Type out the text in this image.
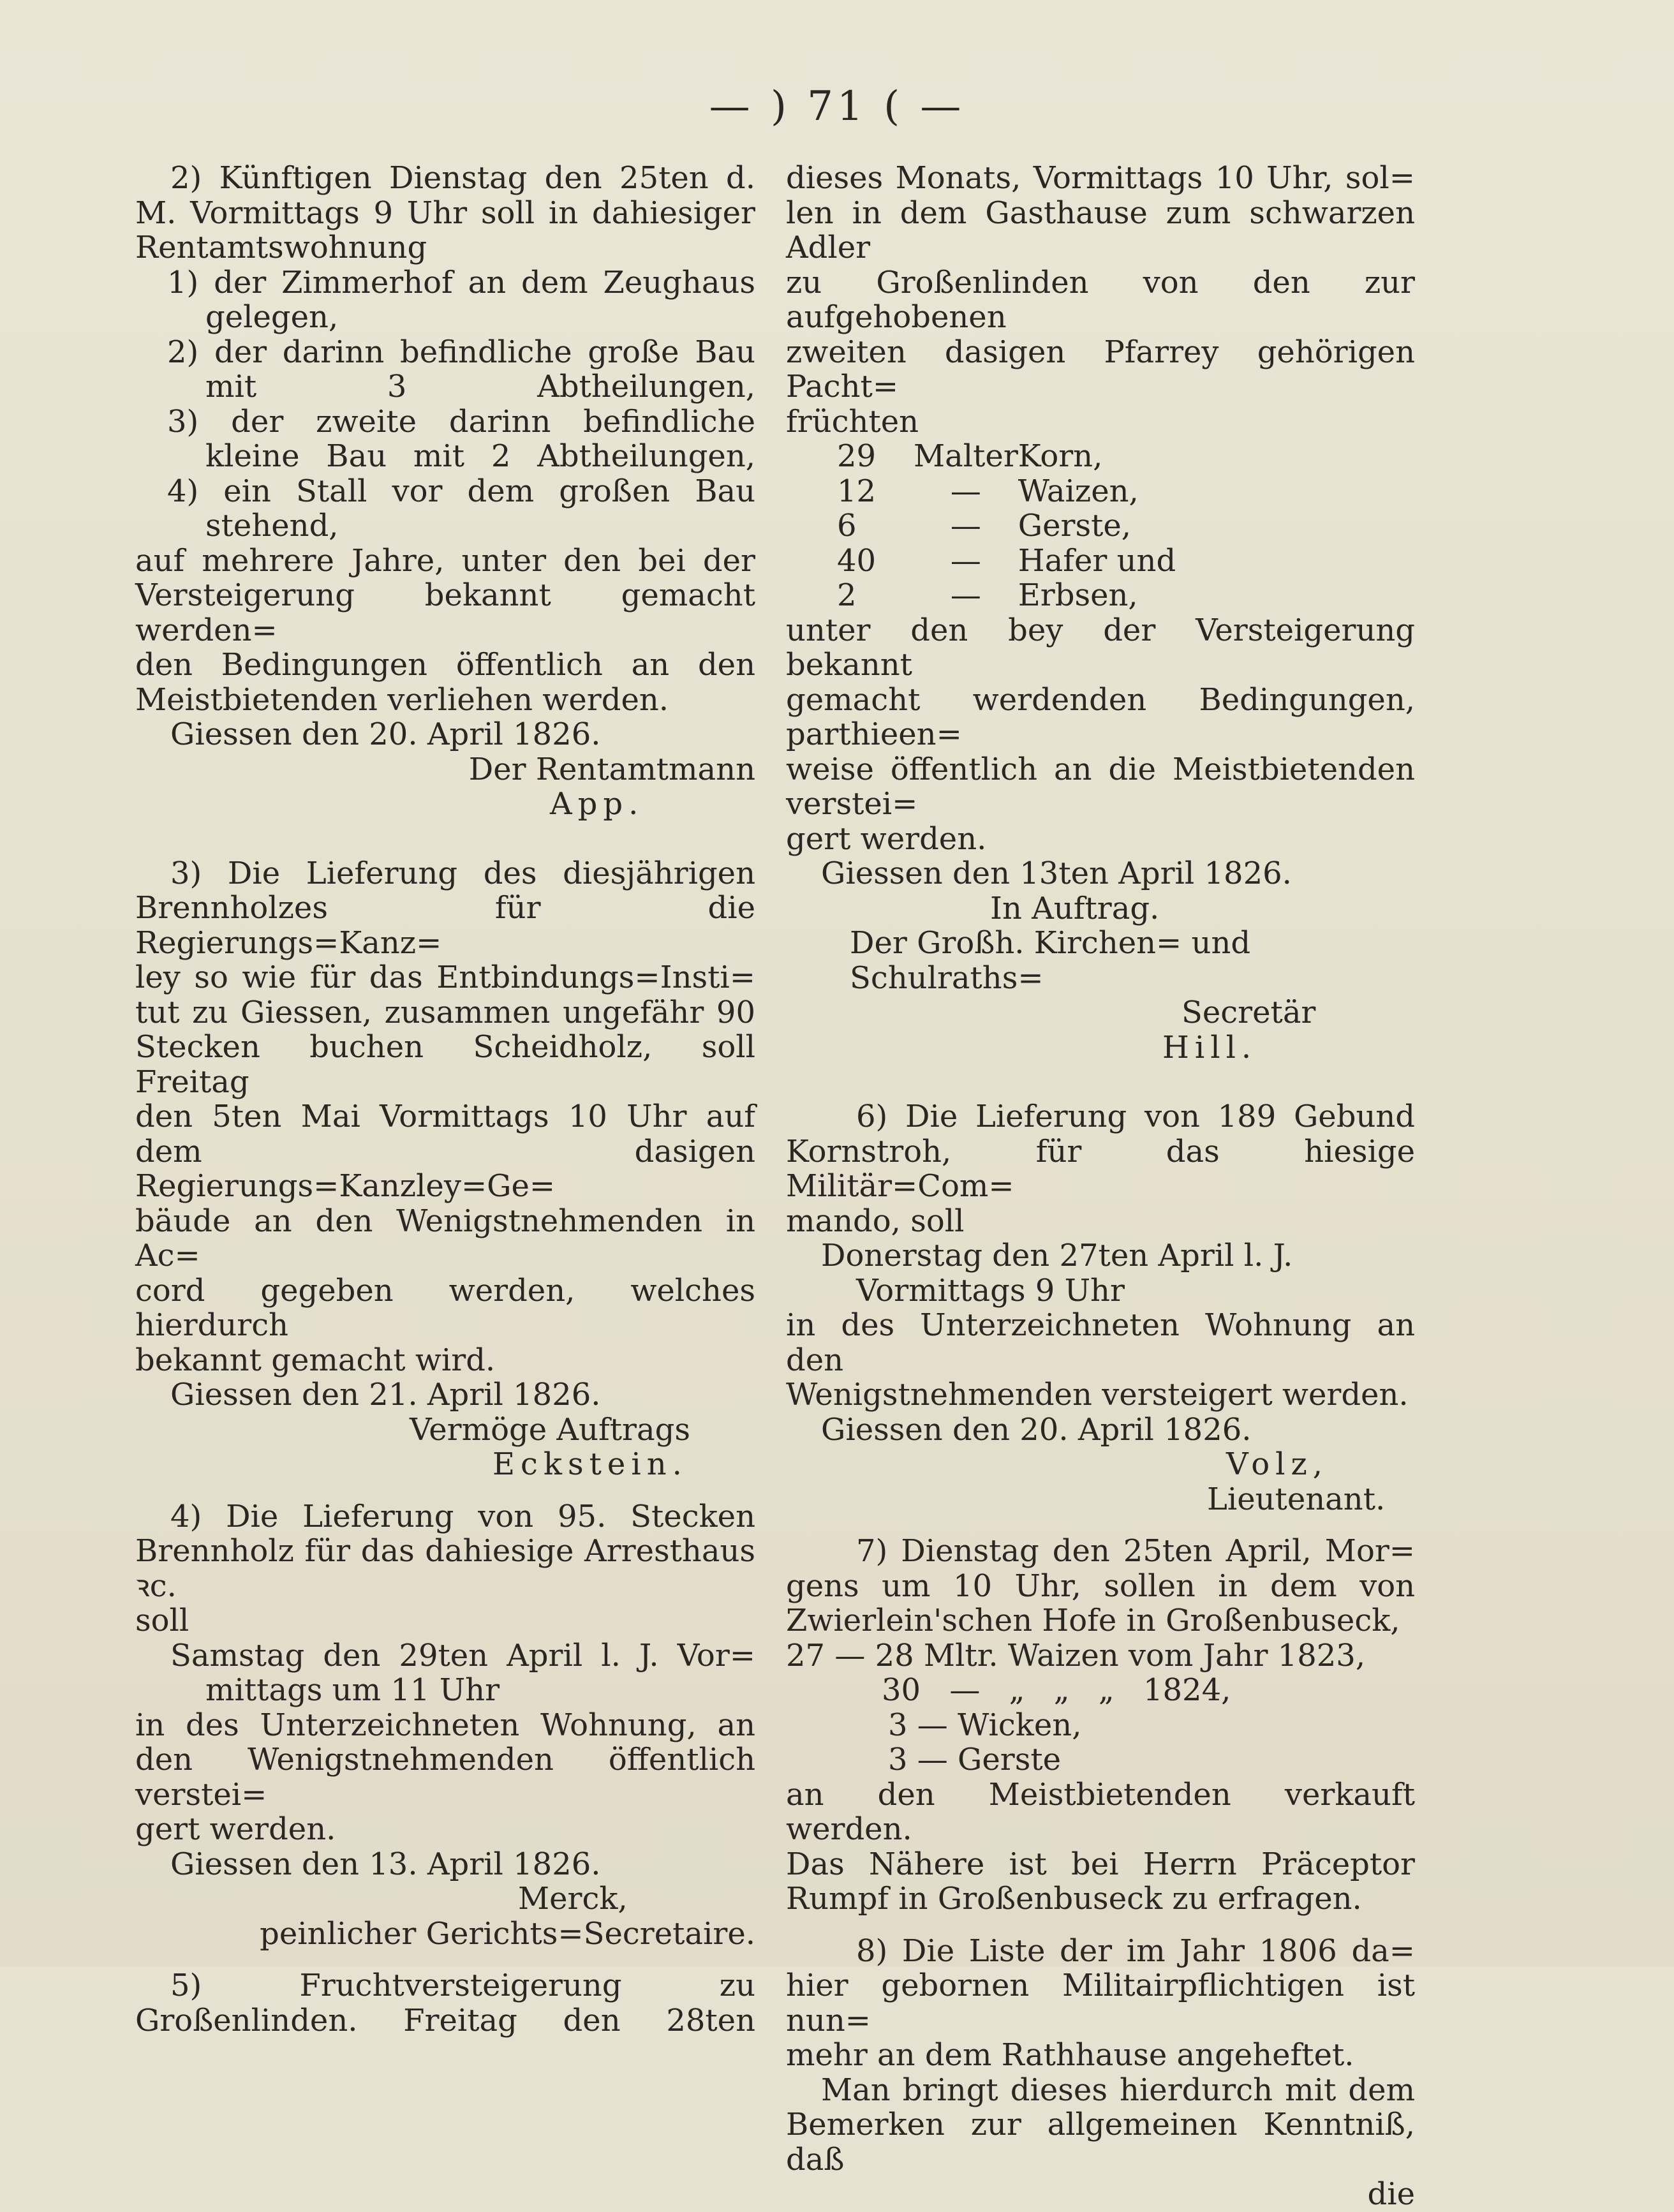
— ) 71 ( —
2) Künftigen Dienstag den 25ten d.
M. Vormittags 9 Uhr soll in dahiesiger
Rentamtswohnung
1) der Zimmerhof an dem Zeughaus gelegen,
2) der darinn befindliche große Bau mit 3 Abtheilungen,
3) der zweite darinn befindliche kleine Bau mit 2 Abtheilungen,
4) ein Stall vor dem großen Bau stehend,
auf mehrere Jahre, unter den bei der
Versteigerung bekannt gemacht werden=
den Bedingungen öffentlich an den
Meistbietenden verliehen werden.
Giessen den 20. April 1826.
Der Rentamtmann
App.
3) Die Lieferung des diesjährigen
Brennholzes für die Regierungs=Kanz=
ley so wie für das Entbindungs=Insti=
tut zu Giessen, zusammen ungefähr 90
Stecken buchen Scheidholz, soll Freitag
den 5ten Mai Vormittags 10 Uhr auf
dem dasigen Regierungs=Kanzley=Ge=
bäude an den Wenigstnehmenden in Ac=
cord gegeben werden, welches hierdurch
bekannt gemacht wird.
Giessen den 21. April 1826.
Vermöge Auftrags
Eckstein.
4) Die Lieferung von 95. Stecken
Brennholz für das dahiesige Arresthaus ꝛc.
soll
Samstag den 29ten April l. J. Vor=
mittags um 11 Uhr
in des Unterzeichneten Wohnung, an
den Wenigstnehmenden öffentlich verstei=
gert werden.
Giessen den 13. April 1826.
Merck,
peinlicher Gerichts=Secretaire.
5) Fruchtversteigerung zu
Großenlinden. Freitag den 28ten
dieses Monats, Vormittags 10 Uhr, sol=
len in dem Gasthause zum schwarzen Adler
zu Großenlinden von den zur aufgehobenen
zweiten dasigen Pfarrey gehörigen Pacht=
früchten
29	Malter	Korn,
12	—	Waizen,
6	—	Gerste,
40	—	Hafer und
2	—	Erbsen,
unter den bey der Versteigerung bekannt
gemacht werdenden Bedingungen, parthieen=
weise öffentlich an die Meistbietenden verstei=
gert werden.
Giessen den 13ten April 1826.
In Auftrag.
Der Großh. Kirchen= und Schulraths=
Secretär
Hill.
6) Die Lieferung von 189 Gebund
Kornstroh, für das hiesige Militär=Com=
mando, soll
Donerstag den 27ten April l. J.
Vormittags 9 Uhr
in des Unterzeichneten Wohnung an den
Wenigstnehmenden versteigert werden.
Giessen den 20. April 1826.
Volz,
Lieutenant.
7) Dienstag den 25ten April, Mor=
gens um 10 Uhr, sollen in dem von
Zwierlein'schen Hofe in Großenbuseck,
27 — 28 Mltr. Waizen vom Jahr 1823,
30 — „ „ „ 1824,
3 — Wicken,
3 — Gerste
an den Meistbietenden verkauft werden.
Das Nähere ist bei Herrn Präceptor
Rumpf in Großenbuseck zu erfragen.
8) Die Liste der im Jahr 1806 da=
hier gebornen Militairpflichtigen ist nun=
mehr an dem Rathhause angeheftet.
Man bringt dieses hierdurch mit dem
Bemerken zur allgemeinen Kenntniß, daß
die
